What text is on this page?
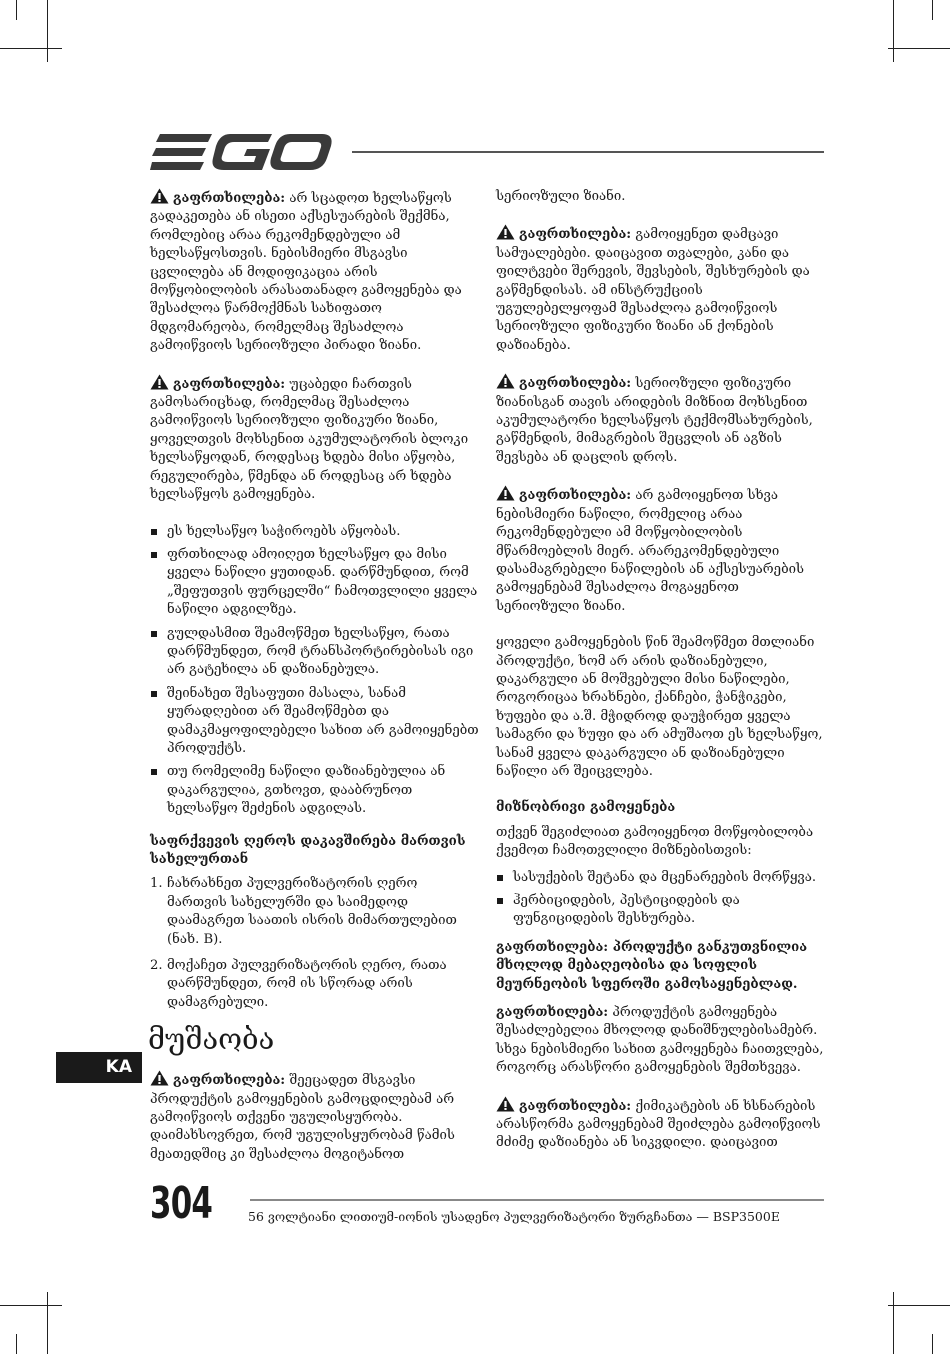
გაფრთხილება: არ სცადოთ ხელსაწყოს გადაკეთება ან ისეთი აქსესუარების შექმნა, რომლებიც არაა რეკომენდებული ამ ხელსაწყოსთვის. ნებისმიერი მსგავსი ცვლილება ან მოდიფიკაცია არის მოწყობილობის არასათანადო გამოყენება და შესაძლოა წარმოქმნას სახიფათო მდგომარეობა, რომელმაც შესაძლოა გამოიწვიოს სერიოზული პირადი ზიანი.

გაფრთხილება: უცაბედი ჩართვის გამოსარიცხად, რომელმაც შესაძლოა გამოიწვიოს სერიოზული ფიზიკური ზიანი, ყოველთვის მოხსენით აკუმულატორის ბლოკი ხელსაწყოდან, როდესაც ხდება მისი აწყობა, რეგულირება, წმენდა ან როდესაც არ ხდება ხელსაწყოს გამოყენება.

ეს ხელსაწყო საჭიროებს აწყობას.
ფრთხილად ამოიღეთ ხელსაწყო და მისი ყველა ნაწილი ყუთიდან. დარწმუნდით, რომ „შეფუთვის ფურცელში“ ჩამოთვლილი ყველა ნაწილი ადგილზეა.
გულდასმით შეამოწმეთ ხელსაწყო, რათა დარწმუნდეთ, რომ ტრანსპორტირებისას იგი არ გატეხილა ან დაზიანებულა.
შეინახეთ შესაფუთი მასალა, სანამ ყურადღებით არ შეამოწმებთ და დამაკმაყოფილებელი სახით არ გამოიყენებთ პროდუქტს.
თუ რომელიმე ნაწილი დაზიანებულია ან დაკარგულია, გთხოვთ, დააბრუნოთ ხელსაწყო შეძენის ადგილას.
საფრქვევის ღეროს დაკავშირება მართვის სახელურთან
1. ჩახრახნეთ პულვერიზატორის ღერო მართვის სახელურში და საიმედოდ დაამაგრეთ საათის ისრის მიმართულებით (ნახ. B).
2. მოქაჩეთ პულვერიზატორის ღერო, რათა დარწმუნდეთ, რომ ის სწორად არის დამაგრებული.
მუშაობა

გაფრთხილება: შეეცადეთ მსგავსი პროდუქტის გამოყენების გამოცდილებამ არ გამოიწვიოს თქვენი უგულისყურობა. დაიმახსოვრეთ, რომ უგულისყურობამ წამის მეათედშიც კი შესაძლოა მოგიტანოთ

სერიოზული ზიანი.

გაფრთხილება: გამოიყენეთ დამცავი სამუალებები. დაიცავით თვალები, კანი და ფილტვები შერევის, შევსების, შესხურების და გაწმენდისას. ამ ინსტრუქციის უგულებელყოფამ შესაძლოა გამოიწვიოს სერიოზული ფიზიკური ზიანი ან ქონების დაზიანება.

გაფრთხილება: სერიოზული ფიზიკური ზიანისგან თავის არიდების მიზნით მოხსენით აკუმულატორი ხელსაწყოს ტექმომსახურების, გაწმენდის, მიმაგრების შეცვლის ან აგზის შევსება ან დაცლის დროს.

გაფრთხილება: არ გამოიყენოთ სხვა ნებისმიერი ნაწილი, რომელიც არაა რეკომენდებული ამ მოწყობილობის მწარმოებლის მიერ. არარეკომენდებული დასამაგრებელი ნაწილების ან აქსესუარების გამოყენებამ შესაძლოა მოგაყენოთ სერიოზული ზიანი.

ყოველი გამოყენების წინ შეამოწმეთ მთლიანი პროდუქტი, ხომ არ არის დაზიანებული, დაკარგული ან მოშვებული მისი ნაწილები, როგორიცაა ხრახნები, ქანჩები, ჭანჭიკები, ხუფები და ა.შ. მჭიდროდ დაუჭირეთ ყველა სამაგრი და ხუფი და არ ამუშაოთ ეს ხელსაწყო, სანამ ყველა დაკარგული ან დაზიანებული ნაწილი არ შეიცვლება.

მიზნობრივი გამოყენება

თქვენ შეგიძლიათ გამოიყენოთ მოწყობილობა ქვემოთ ჩამოთვლილი მიზნებისთვის:

სასუქების შეტანა და მცენარეების მორწყვა.
ჰერბიციდების, პესტიციდების და ფუნგიციდების შესხურება.

გაფრთხილება: პროდუქტი განკუთვნილია მხოლოდ მებაღეობისა და სოფლის მეურნეობის სფეროში გამოსაყენებლად.

გაფრთხილება: პროდუქტის გამოყენება შესაძლებელია მხოლოდ დანიშნულებისამებრ. სხვა ნებისმიერი სახით გამოყენება ჩაითვლება, როგორც არასწორი გამოყენების შემთხვევა.

გაფრთხილება: ქიმიკატების ან ხსნარების არასწორმა გამოყენებამ შეიძლება გამოიწვიოს მძიმე დაზიანება ან სიკვდილი. დაიცავით

KA
304	56 ვოლტიანი ლითიუმ-იონის უსადენო პულვერიზატორი ზურგჩანთა — BSP3500E
